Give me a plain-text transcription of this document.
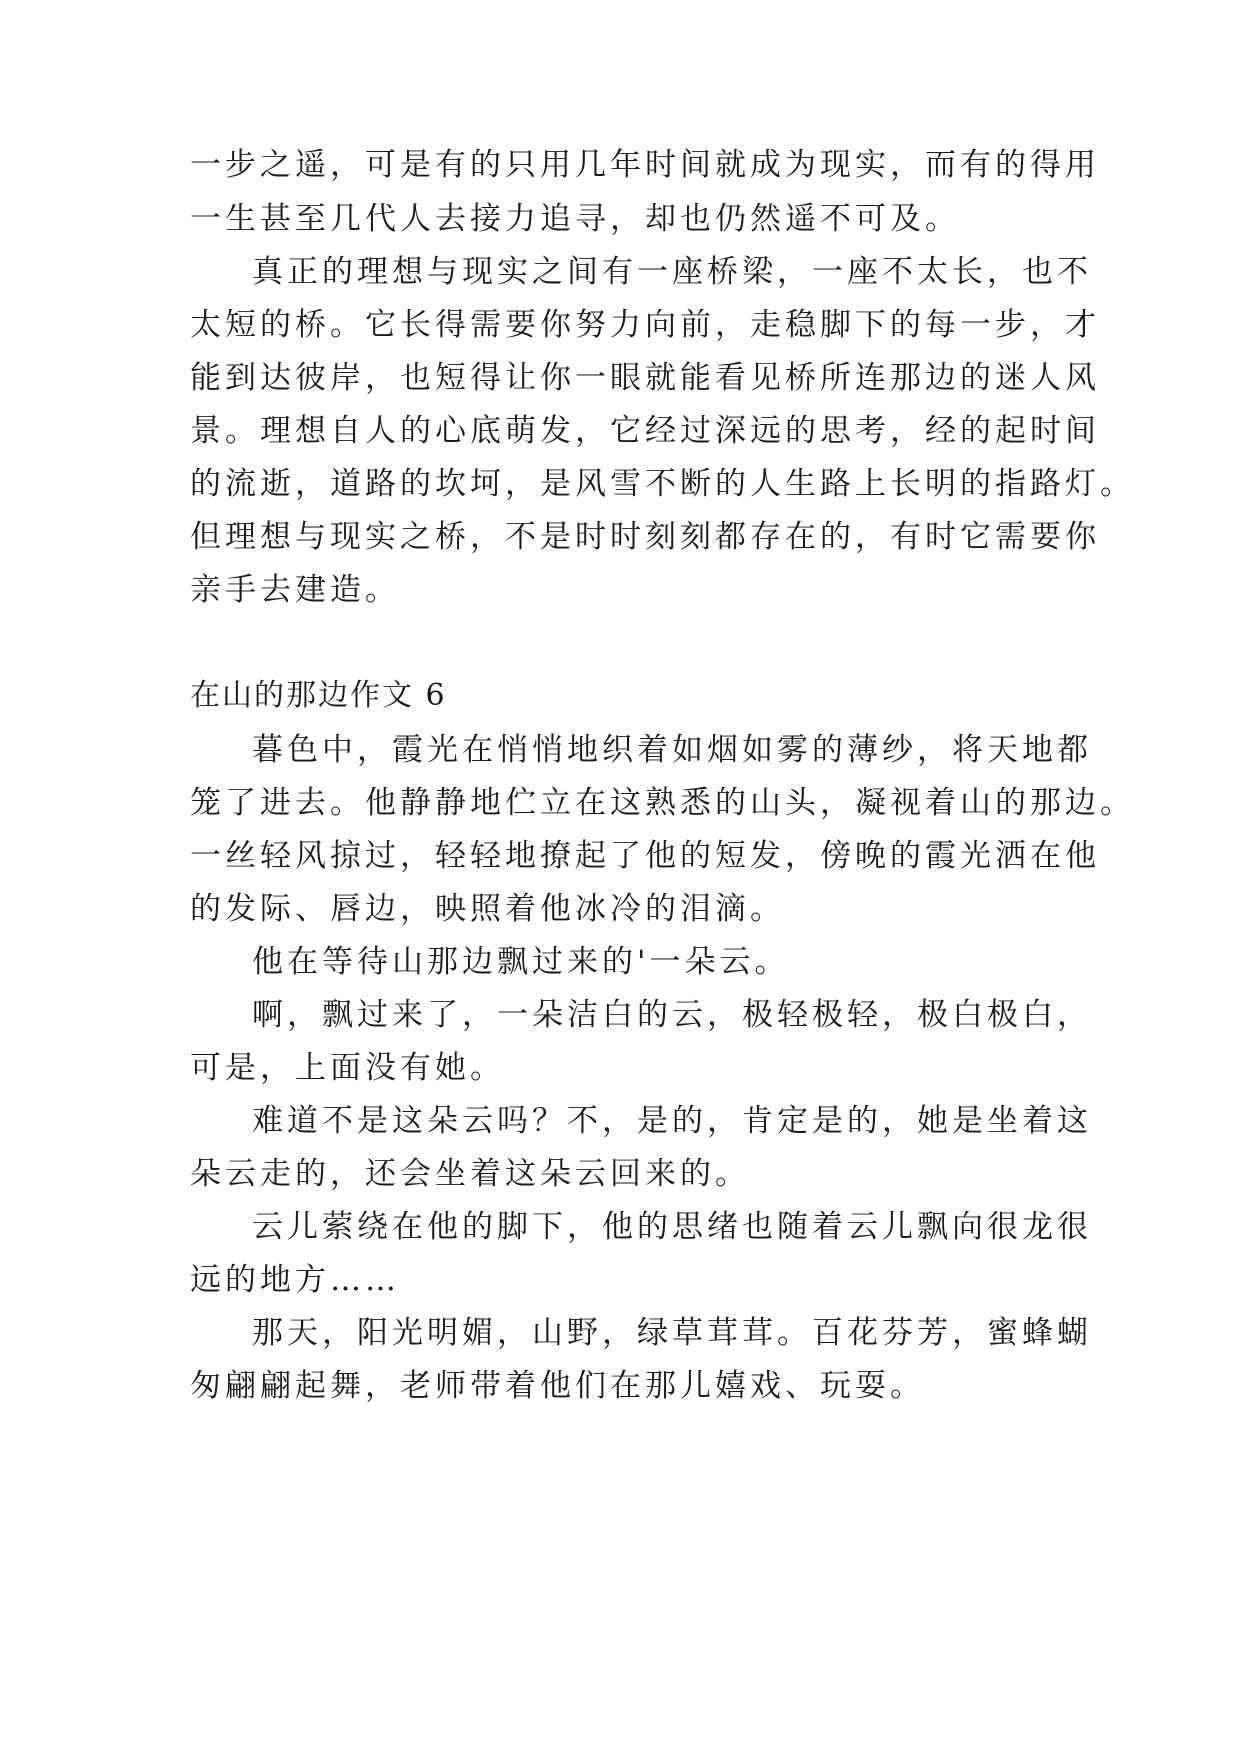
一步之遥，可是有的只用几年时间就成为现实，而有的得用
一生甚至几代人去接力追寻，却也仍然遥不可及。
真正的理想与现实之间有一座桥梁，一座不太长，也不
太短的桥。它长得需要你努力向前，走稳脚下的每一步，才
能到达彼岸，也短得让你一眼就能看见桥所连那边的迷人风
景。理想自人的心底萌发，它经过深远的思考，经的起时间
的流逝，道路的坎坷，是风雪不断的人生路上长明的指路灯。
但理想与现实之桥，不是时时刻刻都存在的，有时它需要你
亲手去建造。
在山的那边作文 6
暮色中，霞光在悄悄地织着如烟如雾的薄纱，将天地都
笼了进去。他静静地伫立在这熟悉的山头，凝视着山的那边。
一丝轻风掠过，轻轻地撩起了他的短发，傍晚的霞光洒在他
的发际、唇边，映照着他冰冷的泪滴。
他在等待山那边飘过来的'一朵云。
啊，飘过来了，一朵洁白的云，极轻极轻，极白极白，
可是，上面没有她。
难道不是这朵云吗？不，是的，肯定是的，她是坐着这
朵云走的，还会坐着这朵云回来的。
云儿萦绕在他的脚下，他的思绪也随着云儿飘向很龙很
远的地方……
那天，阳光明媚，山野，绿草茸茸。百花芬芳，蜜蜂蝴
匆翩翩起舞，老师带着他们在那儿嬉戏、玩耍。
